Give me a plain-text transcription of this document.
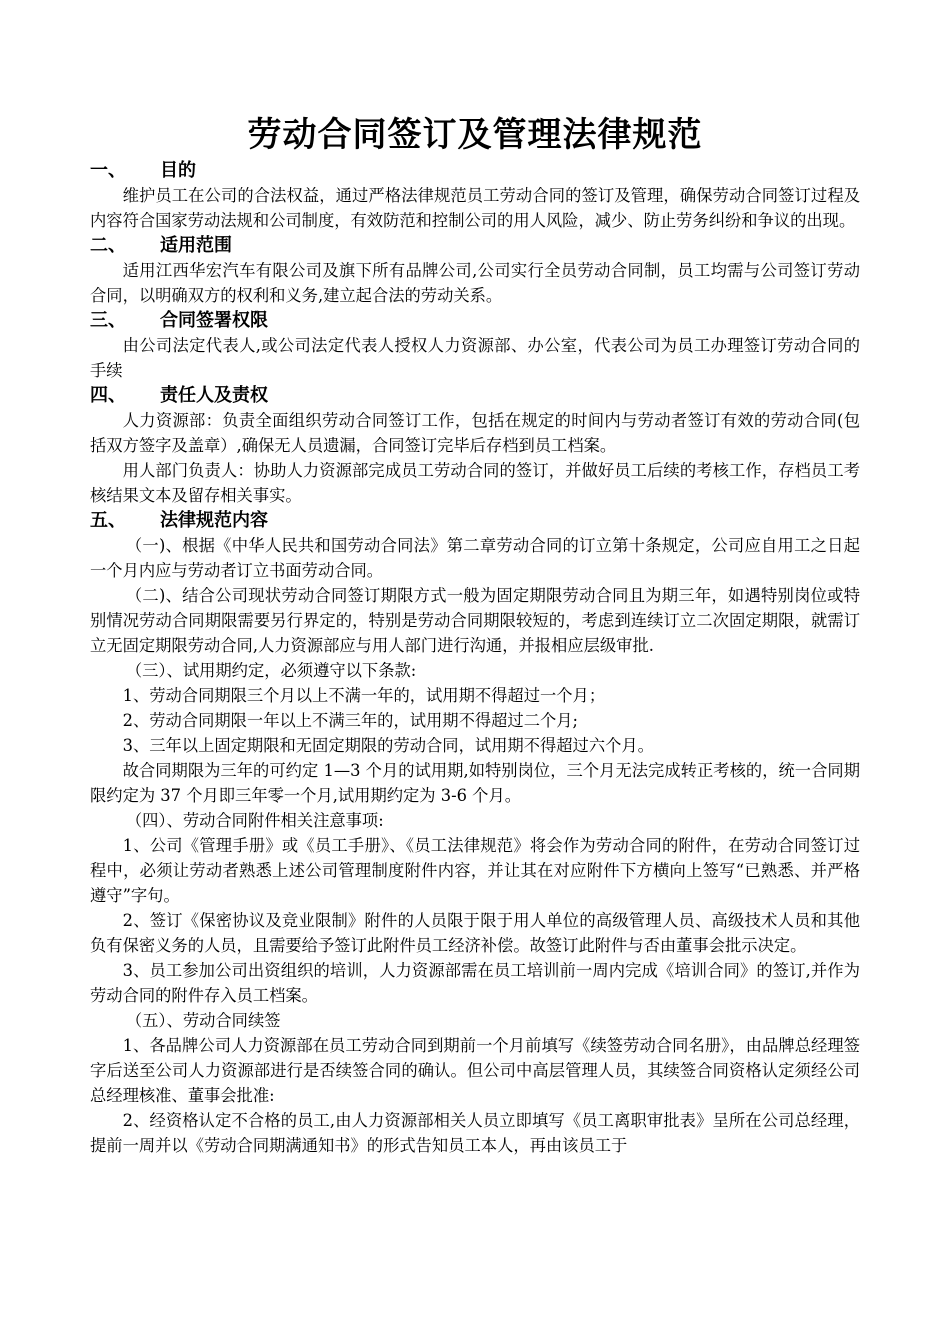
劳动合同签订及管理法律规范
一、 目的

维护员工在公司的合法权益，通过严格法律规范员工劳动合同的签订及管理，确保劳动合同签订过程及内容符合国家劳动法规和公司制度，有效防范和控制公司的用人风险，减少、防止劳务纠纷和争议的出现。

二、 适用范围

适用江西华宏汽车有限公司及旗下所有品牌公司,公司实行全员劳动合同制，员工均需与公司签订劳动合同，以明确双方的权利和义务,建立起合法的劳动关系。

三、 合同签署权限

由公司法定代表人,或公司法定代表人授权人力资源部、办公室，代表公司为员工办理签订劳动合同的手续

四、 责任人及责权

人力资源部：负责全面组织劳动合同签订工作，包括在规定的时间内与劳动者签订有效的劳动合同(包括双方签字及盖章）,确保无人员遗漏，合同签订完毕后存档到员工档案。

用人部门负责人：协助人力资源部完成员工劳动合同的签订，并做好员工后续的考核工作，存档员工考核结果文本及留存相关事实。

五、 法律规范内容

（一)、根据《中华人民共和国劳动合同法》第二章劳动合同的订立第十条规定，公司应自用工之日起一个月内应与劳动者订立书面劳动合同。

（二)、结合公司现状劳动合同签订期限方式一般为固定期限劳动合同且为期三年，如遇特别岗位或特别情况劳动合同期限需要另行界定的，特别是劳动合同期限较短的，考虑到连续订立二次固定期限，就需订立无固定期限劳动合同,人力资源部应与用人部门进行沟通，并报相应层级审批.

（三）、试用期约定，必须遵守以下条款:

1、劳动合同期限三个月以上不满一年的，试用期不得超过一个月；

2、劳动合同期限一年以上不满三年的，试用期不得超过二个月;

3、三年以上固定期限和无固定期限的劳动合同，试用期不得超过六个月。

故合同期限为三年的可约定 1—3 个月的试用期,如特别岗位，三个月无法完成转正考核的，统一合同期限约定为 37 个月即三年零一个月,试用期约定为 3-6 个月。

（四）、劳动合同附件相关注意事项:

1、公司《管理手册》或《员工手册》、《员工法律规范》将会作为劳动合同的附件，在劳动合同签订过程中，必须让劳动者熟悉上述公司管理制度附件内容，并让其在对应附件下方横向上签写“已熟悉、并严格遵守”字句。

2、签订《保密协议及竞业限制》附件的人员限于限于用人单位的高级管理人员、高级技术人员和其他负有保密义务的人员，且需要给予签订此附件员工经济补偿。故签订此附件与否由董事会批示决定。

3、员工参加公司出资组织的培训，人力资源部需在员工培训前一周内完成《培训合同》的签订,并作为劳动合同的附件存入员工档案。

（五）、劳动合同续签

1、各品牌公司人力资源部在员工劳动合同到期前一个月前填写《续签劳动合同名册》，由品牌总经理签字后送至公司人力资源部进行是否续签合同的确认。但公司中高层管理人员，其续签合同资格认定须经公司总经理核准、董事会批准:

2、经资格认定不合格的员工,由人力资源部相关人员立即填写《员工离职审批表》呈所在公司总经理，提前一周并以《劳动合同期满通知书》的形式告知员工本人，再由该员工于
